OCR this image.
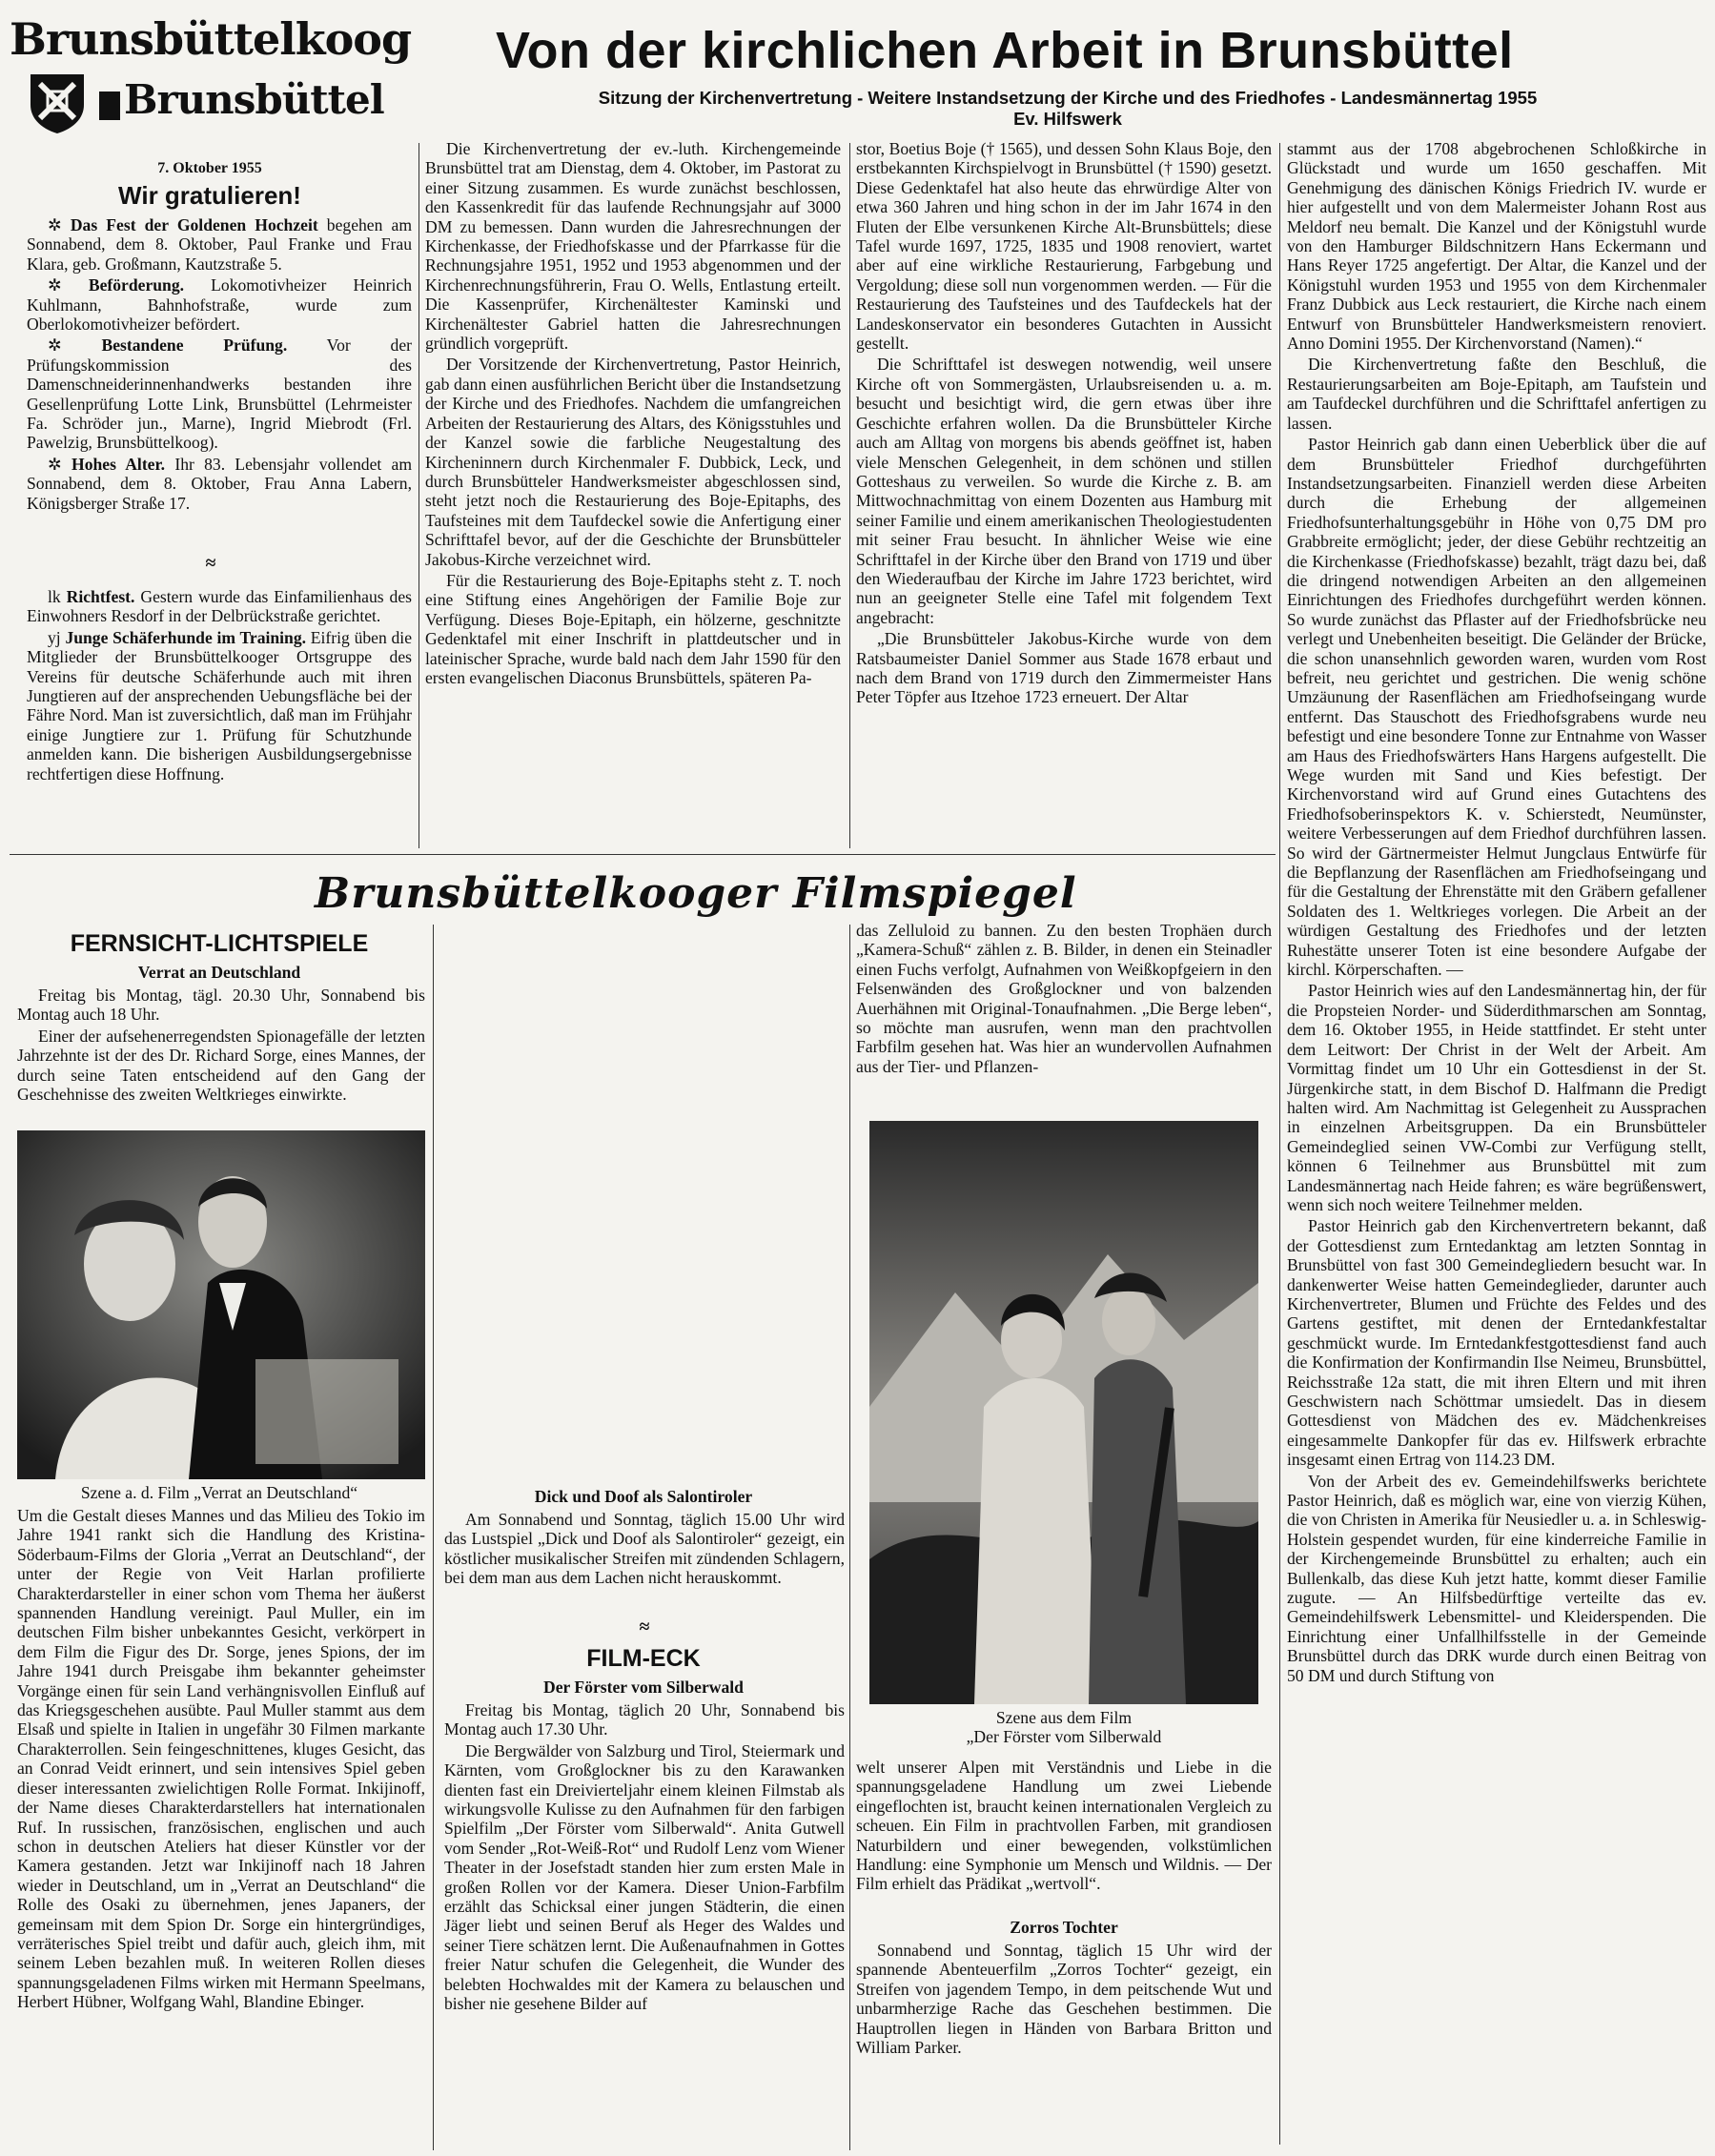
Brunsbüttelkoog
Brunsbüttel
7. Oktober 1955
Wir gratulieren!

✲ Das Fest der Goldenen Hochzeit begehen am Sonnabend, dem 8. Oktober, Paul Franke und Frau Klara, geb. Großmann, Kautzstraße 5.

✲ Beförderung. Lokomotivheizer Heinrich Kuhlmann, Bahnhofstraße, wurde zum Oberlokomotivheizer befördert.

✲ Bestandene Prüfung. Vor der Prüfungskommission des Damenschneiderinnenhandwerks bestanden ihre Gesellenprüfung Lotte Link, Brunsbüttel (Lehrmeister Fa. Schröder jun., Marne), Ingrid Miebrodt (Frl. Pawelzig, Brunsbüttelkoog).

✲ Hohes Alter. Ihr 83. Lebensjahr vollendet am Sonnabend, dem 8. Oktober, Frau Anna Labern, Königsberger Straße 17.

≈

lk Richtfest. Gestern wurde das Einfamilienhaus des Einwohners Resdorf in der Delbrückstraße gerichtet.

yj Junge Schäferhunde im Training. Eifrig üben die Mitglieder der Brunsbüttelkooger Ortsgruppe des Vereins für deutsche Schäferhunde auch mit ihren Jungtieren auf der ansprechenden Uebungsfläche bei der Fähre Nord. Man ist zuversichtlich, daß man im Frühjahr einige Jungtiere zur 1. Prüfung für Schutzhunde anmelden kann. Die bisherigen Ausbildungsergebnisse rechtfertigen diese Hoffnung.

Von der kirchlichen Arbeit in Brunsbüttel
Sitzung der Kirchenvertretung - Weitere Instandsetzung der Kirche und des Friedhofes - Landesmännertag 1955
Ev. Hilfswerk

Die Kirchenvertretung der ev.-luth. Kirchengemeinde Brunsbüttel trat am Dienstag, dem 4. Oktober, im Pastorat zu einer Sitzung zusammen. Es wurde zunächst beschlossen, den Kassenkredit für das laufende Rechnungsjahr auf 3000 DM zu bemessen. Dann wurden die Jahresrechnungen der Kirchenkasse, der Friedhofskasse und der Pfarrkasse für die Rechnungsjahre 1951, 1952 und 1953 abgenommen und der Kirchenrechnungsführerin, Frau O. Wells, Entlastung erteilt. Die Kassenprüfer, Kirchenältester Kaminski und Kirchenältester Gabriel hatten die Jahresrechnungen gründlich vorgeprüft.

Der Vorsitzende der Kirchenvertretung, Pastor Heinrich, gab dann einen ausführlichen Bericht über die Instandsetzung der Kirche und des Friedhofes. Nachdem die umfangreichen Arbeiten der Restaurierung des Altars, des Königsstuhles und der Kanzel sowie die farbliche Neugestaltung des Kircheninnern durch Kirchenmaler F. Dubbick, Leck, und durch Brunsbütteler Handwerksmeister abgeschlossen sind, steht jetzt noch die Restaurierung des Boje-Epitaphs, des Taufsteines mit dem Taufdeckel sowie die Anfertigung einer Schrifttafel bevor, auf der die Geschichte der Brunsbütteler Jakobus-Kirche verzeichnet wird.

Für die Restaurierung des Boje-Epitaphs steht z. T. noch eine Stiftung eines Angehörigen der Familie Boje zur Verfügung. Dieses Boje-Epitaph, ein hölzerne, geschnitzte Gedenktafel mit einer Inschrift in plattdeutscher und in lateinischer Sprache, wurde bald nach dem Jahr 1590 für den ersten evangelischen Diaconus Brunsbüttels, späteren Pa-

stor, Boetius Boje († 1565), und dessen Sohn Klaus Boje, den erstbekannten Kirchspielvogt in Brunsbüttel († 1590) gesetzt. Diese Gedenktafel hat also heute das ehrwürdige Alter von etwa 360 Jahren und hing schon in der im Jahr 1674 in den Fluten der Elbe versunkenen Kirche Alt-Brunsbüttels; diese Tafel wurde 1697, 1725, 1835 und 1908 renoviert, wartet aber auf eine wirkliche Restaurierung, Farbgebung und Vergoldung; diese soll nun vorgenommen werden. — Für die Restaurierung des Taufsteines und des Taufdeckels hat der Landeskonservator ein besonderes Gutachten in Aussicht gestellt.

Die Schrifttafel ist deswegen notwendig, weil unsere Kirche oft von Sommergästen, Urlaubsreisenden u. a. m. besucht und besichtigt wird, die gern etwas über ihre Geschichte erfahren wollen. Da die Brunsbütteler Kirche auch am Alltag von morgens bis abends geöffnet ist, haben viele Menschen Gelegenheit, in dem schönen und stillen Gotteshaus zu verweilen. So wurde die Kirche z. B. am Mittwochnachmittag von einem Dozenten aus Hamburg mit seiner Familie und einem amerikanischen Theologiestudenten mit seiner Frau besucht. In ähnlicher Weise wie eine Schrifttafel in der Kirche über den Brand von 1719 und über den Wiederaufbau der Kirche im Jahre 1723 berichtet, wird nun an geeigneter Stelle eine Tafel mit folgendem Text angebracht:

„Die Brunsbütteler Jakobus-Kirche wurde von dem Ratsbaumeister Daniel Sommer aus Stade 1678 erbaut und nach dem Brand von 1719 durch den Zimmermeister Hans Peter Töpfer aus Itzehoe 1723 erneuert. Der Altar

stammt aus der 1708 abgebrochenen Schloßkirche in Glückstadt und wurde um 1650 geschaffen. Mit Genehmigung des dänischen Königs Friedrich IV. wurde er hier aufgestellt und von dem Malermeister Johann Rost aus Meldorf neu bemalt. Die Kanzel und der Königstuhl wurde von den Hamburger Bildschnitzern Hans Eckermann und Hans Reyer 1725 angefertigt. Der Altar, die Kanzel und der Königstuhl wurden 1953 und 1955 von dem Kirchenmaler Franz Dubbick aus Leck restauriert, die Kirche nach einem Entwurf von Brunsbütteler Handwerksmeistern renoviert. Anno Domini 1955. Der Kirchenvorstand (Namen).“

Die Kirchenvertretung faßte den Beschluß, die Restaurierungsarbeiten am Boje-Epitaph, am Taufstein und am Taufdeckel durchführen und die Schrifttafel anfertigen zu lassen.

Pastor Heinrich gab dann einen Ueberblick über die auf dem Brunsbütteler Friedhof durchgeführten Instandsetzungsarbeiten. Finanziell werden diese Arbeiten durch die Erhebung der allgemeinen Friedhofsunterhaltungsgebühr in Höhe von 0,75 DM pro Grabbreite ermöglicht; jeder, der diese Gebühr rechtzeitig an die Kirchenkasse (Friedhofskasse) bezahlt, trägt dazu bei, daß die dringend notwendigen Arbeiten an den allgemeinen Einrichtungen des Friedhofes durchgeführt werden können. So wurde zunächst das Pflaster auf der Friedhofsbrücke neu verlegt und Unebenheiten beseitigt. Die Geländer der Brücke, die schon unansehnlich geworden waren, wurden vom Rost befreit, neu gerichtet und gestrichen. Die wenig schöne Umzäunung der Rasenflächen am Friedhofseingang wurde entfernt. Das Stauschott des Friedhofsgrabens wurde neu befestigt und eine besondere Tonne zur Entnahme von Wasser am Haus des Friedhofswärters Hans Hargens aufgestellt. Die Wege wurden mit Sand und Kies befestigt. Der Kirchenvorstand wird auf Grund eines Gutachtens des Friedhofsoberinspektors K. v. Schierstedt, Neumünster, weitere Verbesserungen auf dem Friedhof durchführen lassen. So wird der Gärtnermeister Helmut Jungclaus Entwürfe für die Bepflanzung der Rasenflächen am Friedhofseingang und für die Gestaltung der Ehrenstätte mit den Gräbern gefallener Soldaten des 1. Weltkrieges vorlegen. Die Arbeit an der würdigen Gestaltung des Friedhofes und der letzten Ruhestätte unserer Toten ist eine besondere Aufgabe der kirchl. Körperschaften. —

Pastor Heinrich wies auf den Landesmännertag hin, der für die Propsteien Norder- und Süderdithmarschen am Sonntag, dem 16. Oktober 1955, in Heide stattfindet. Er steht unter dem Leitwort: Der Christ in der Welt der Arbeit. Am Vormittag findet um 10 Uhr ein Gottesdienst in der St. Jürgenkirche statt, in dem Bischof D. Halfmann die Predigt halten wird. Am Nachmittag ist Gelegenheit zu Aussprachen in einzelnen Arbeitsgruppen. Da ein Brunsbütteler Gemeindeglied seinen VW-Combi zur Verfügung stellt, können 6 Teilnehmer aus Brunsbüttel mit zum Landesmännertag nach Heide fahren; es wäre begrüßenswert, wenn sich noch weitere Teilnehmer melden.

Pastor Heinrich gab den Kirchenvertretern bekannt, daß der Gottesdienst zum Erntedanktag am letzten Sonntag in Brunsbüttel von fast 300 Gemeindegliedern besucht war. In dankenwerter Weise hatten Gemeindeglieder, darunter auch Kirchenvertreter, Blumen und Früchte des Feldes und des Gartens gestiftet, mit denen der Erntedankfestaltar geschmückt wurde. Im Erntedankfestgottesdienst fand auch die Konfirmation der Konfirmandin Ilse Neimeu, Brunsbüttel, Reichsstraße 12a statt, die mit ihren Eltern und mit ihren Geschwistern nach Schöttmar umsiedelt. Das in diesem Gottesdienst von Mädchen des ev. Mädchenkreises eingesammelte Dankopfer für das ev. Hilfswerk erbrachte insgesamt einen Ertrag von 114.23 DM.

Von der Arbeit des ev. Gemeindehilfswerks berichtete Pastor Heinrich, daß es möglich war, eine von vierzig Kühen, die von Christen in Amerika für Neusiedler u. a. in Schleswig-Holstein gespendet wurden, für eine kinderreiche Familie in der Kirchengemeinde Brunsbüttel zu erhalten; auch ein Bullenkalb, das diese Kuh jetzt hatte, kommt dieser Familie zugute. — An Hilfsbedürftige verteilte das ev. Gemeindehilfswerk Lebensmittel- und Kleiderspenden. Die Einrichtung einer Unfallhilfsstelle in der Gemeinde Brunsbüttel durch das DRK wurde durch einen Beitrag von 50 DM und durch Stiftung von

Brunsbüttelkooger Filmspiegel
FERNSICHT-LICHTSPIELE
Verrat an Deutschland

Freitag bis Montag, tägl. 20.30 Uhr, Sonnabend bis Montag auch 18 Uhr.

Einer der aufsehenerregendsten Spionagefälle der letzten Jahrzehnte ist der des Dr. Richard Sorge, eines Mannes, der durch seine Taten entscheidend auf den Gang der Geschehnisse des zweiten Weltkrieges einwirkte.

Szene a. d. Film „Verrat an Deutschland“

Um die Gestalt dieses Mannes und das Milieu des Tokio im Jahre 1941 rankt sich die Handlung des Kristina-Söderbaum-Films der Gloria „Verrat an Deutschland“, der unter der Regie von Veit Harlan profilierte Charakterdarsteller in einer schon vom Thema her äußerst spannenden Handlung vereinigt. Paul Muller, ein im deutschen Film bisher unbekanntes Gesicht, verkörpert in dem Film die Figur des Dr. Sorge, jenes Spions, der im Jahre 1941 durch Preisgabe ihm bekannter geheimster Vorgänge einen für sein Land verhängnisvollen Einfluß auf das Kriegsgeschehen ausübte. Paul Muller stammt aus dem Elsaß und spielte in Italien in ungefähr 30 Filmen markante Charakterrollen. Sein feingeschnittenes, kluges Gesicht, das an Conrad Veidt erinnert, und sein intensives Spiel geben dieser interessanten zwielichtigen Rolle Format. Inkijinoff, der Name dieses Charakterdarstellers hat internationalen Ruf. In russischen, französischen, englischen und auch schon in deutschen Ateliers hat dieser Künstler vor der Kamera gestanden. Jetzt war Inkijinoff nach 18 Jahren wieder in Deutschland, um in „Verrat an Deutschland“ die Rolle des Osaki zu übernehmen, jenes Japaners, der gemeinsam mit dem Spion Dr. Sorge ein hintergründiges, verräterisches Spiel treibt und dafür auch, gleich ihm, mit seinem Leben bezahlen muß. In weiteren Rollen dieses spannungsgeladenen Films wirken mit Hermann Speelmans, Herbert Hübner, Wolfgang Wahl, Blandine Ebinger.

Dick und Doof als Salontiroler

Am Sonnabend und Sonntag, täglich 15.00 Uhr wird das Lustspiel „Dick und Doof als Salontiroler“ gezeigt, ein köstlicher musikalischer Streifen mit zündenden Schlagern, bei dem man aus dem Lachen nicht herauskommt.

≈
FILM-ECK
Der Förster vom Silberwald

Freitag bis Montag, täglich 20 Uhr, Sonnabend bis Montag auch 17.30 Uhr.

Die Bergwälder von Salzburg und Tirol, Steiermark und Kärnten, vom Großglockner bis zu den Karawanken dienten fast ein Dreivierteljahr einem kleinen Filmstab als wirkungsvolle Kulisse zu den Aufnahmen für den farbigen Spielfilm „Der Förster vom Silberwald“. Anita Gutwell vom Sender „Rot-Weiß-Rot“ und Rudolf Lenz vom Wiener Theater in der Josefstadt standen hier zum ersten Male in großen Rollen vor der Kamera. Dieser Union-Farbfilm erzählt das Schicksal einer jungen Städterin, die einen Jäger liebt und seinen Beruf als Heger des Waldes und seiner Tiere schätzen lernt. Die Außenaufnahmen in Gottes freier Natur schufen die Gelegenheit, die Wunder des belebten Hochwaldes mit der Kamera zu belauschen und bisher nie gesehene Bilder auf

das Zelluloid zu bannen. Zu den besten Trophäen durch „Kamera-Schuß“ zählen z. B. Bilder, in denen ein Steinadler einen Fuchs verfolgt, Aufnahmen von Weißkopfgeiern in den Felsenwänden des Großglockner und von balzenden Auerhähnen mit Original-Tonaufnahmen. „Die Berge leben“, so möchte man ausrufen, wenn man den prachtvollen Farbfilm gesehen hat. Was hier an wundervollen Aufnahmen aus der Tier- und Pflanzen-

Szene aus dem Film
„Der Förster vom Silberwald

welt unserer Alpen mit Verständnis und Liebe in die spannungsgeladene Handlung um zwei Liebende eingeflochten ist, braucht keinen internationalen Vergleich zu scheuen. Ein Film in prachtvollen Farben, mit grandiosen Naturbildern und einer bewegenden, volkstümlichen Handlung: eine Symphonie um Mensch und Wildnis. — Der Film erhielt das Prädikat „wertvoll“.

Zorros Tochter

Sonnabend und Sonntag, täglich 15 Uhr wird der spannende Abenteuerfilm „Zorros Tochter“ gezeigt, ein Streifen von jagendem Tempo, in dem peitschende Wut und unbarmherzige Rache das Geschehen bestimmen. Die Hauptrollen liegen in Händen von Barbara Britton und William Parker.
